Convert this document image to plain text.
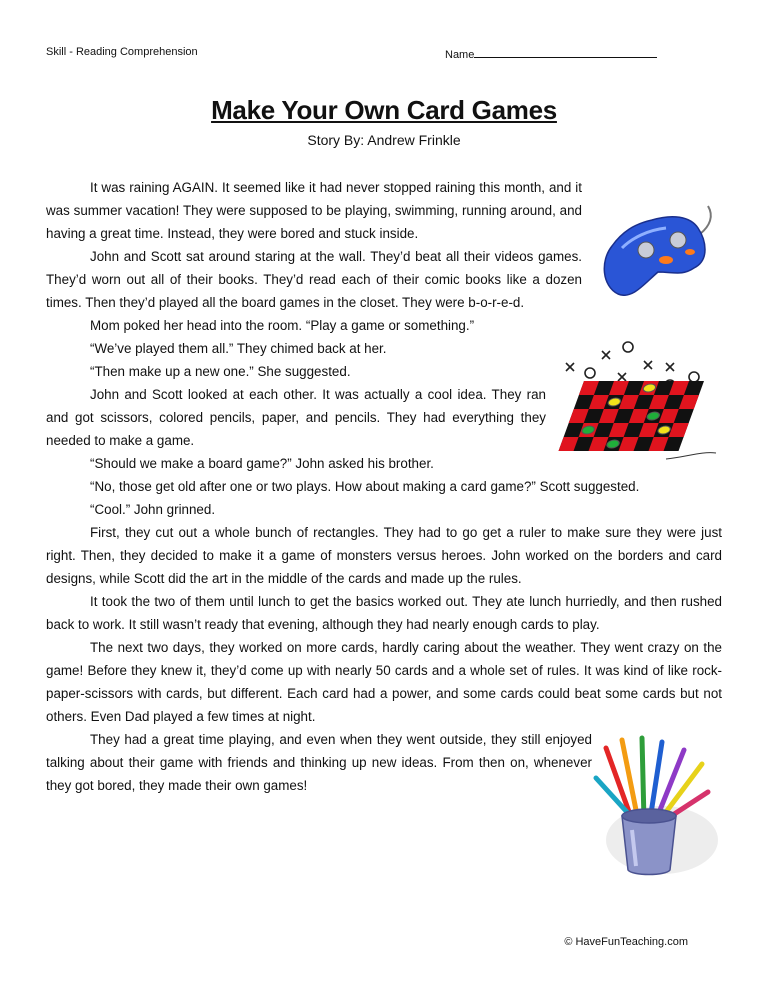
Skill - Reading Comprehension	Name
Make Your Own Card Games
Story By: Andrew Frinkle

It was raining AGAIN. It seemed like it had never stopped raining this month, and it was summer vacation! They were supposed to be playing, swimming, running around, and having a great time. Instead, they were bored and stuck inside.

John and Scott sat around staring at the wall. They’d beat all their videos games. They’d worn out all of their books. They’d read each of their comic books like a dozen times. Then they’d played all the board games in the closet. They were b-o-r-e-d.

Mom poked her head into the room. “Play a game or something.”

“We’ve played them all.” They chimed back at her.

“Then make up a new one.” She suggested.

John and Scott looked at each other. It was actually a cool idea. They ran and got scissors, colored pencils, paper, and pencils. They had everything they needed to make a game.

“Should we make a board game?” John asked his brother.

“No, those get old after one or two plays. How about making a card game?” Scott suggested.

“Cool.” John grinned.

First, they cut out a whole bunch of rectangles. They had to go get a ruler to make sure they were just right. Then, they decided to make it a game of monsters versus heroes. John worked on the borders and card designs, while Scott did the art in the middle of the cards and made up the rules.

It took the two of them until lunch to get the basics worked out. They ate lunch hurriedly, and then rushed back to work. It still wasn’t ready that evening, although they had nearly enough cards to play.

The next two days, they worked on more cards, hardly caring about the weather. They went crazy on the game! Before they knew it, they’d come up with nearly 50 cards and a whole set of rules. It was kind of like rock-paper-scissors with cards, but different. Each card had a power, and some cards could beat some cards but not others. Even Dad played a few times at night.

They had a great time playing, and even when they went outside, they still enjoyed talking about their game with friends and thinking up new ideas. From then on, whenever they got bored, they made their own games!

© HaveFunTeaching.com
